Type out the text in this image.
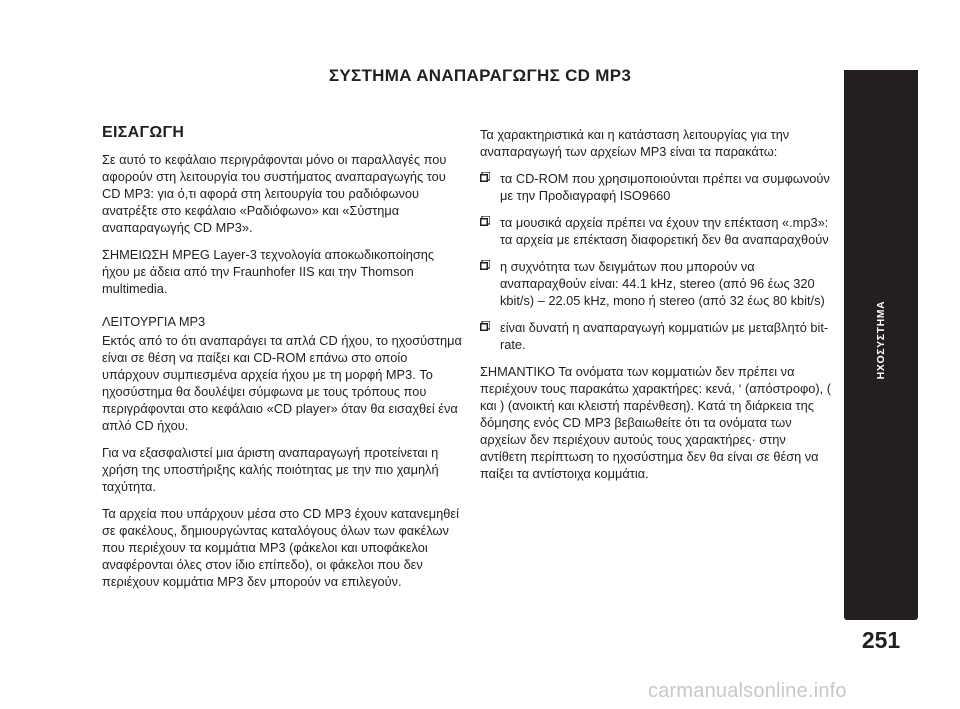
ΣΥΣΤΗΜΑ ΑΝΑΠΑΡΑΓΩΓΗΣ CD MP3
ΕΙΣΑΓΩΓΗ

Σε αυτό το κεφάλαιο περιγράφονται μόνο οι παραλλαγές που αφορούν στη λειτουργία του συστήματος αναπαραγωγής του CD MP3: για ό,τι αφορά στη λειτουργία του ραδιόφωνου ανατρέξτε στο κεφάλαιο «Ραδιόφωνο» και «Σύστημα αναπαραγωγής CD MP3».

ΣΗΜΕΙΩΣΗ MPEG Layer-3 τεχνολογία αποκωδικοποίησης ήχου με άδεια από την Fraunhofer IIS και την Thomson multimedia.

ΛΕΙΤΟΥΡΓΙΑ MP3

Εκτός από το ότι αναπαράγει τα απλά CD ήχου, το ηχοσύστημα είναι σε θέση να παίξει και CD-ROM επάνω στο οποίο υπάρχουν συμπιεσμένα αρχεία ήχου με τη μορφή MP3. Το ηχοσύστημα θα δουλέψει σύμφωνα με τους τρόπους που περιγράφονται στο κεφάλαιο «CD player» όταν θα εισαχθεί ένα απλό CD ήχου.

Για να εξασφαλιστεί μια άριστη αναπαραγωγή προτείνεται η χρήση της υποστήριξης καλής ποιότητας με την πιο χαμηλή ταχύτητα.

Τα αρχεία που υπάρχουν μέσα στο CD MP3 έχουν κατανεμηθεί σε φακέλους, δημιουργώντας καταλόγους όλων των φακέλων που περιέχουν τα κομμάτια MP3 (φάκελοι και υποφάκελοι αναφέρονται όλες στον ίδιο επίπεδο), οι φάκελοι που δεν περιέχουν κομμάτια MP3 δεν μπορούν να επιλεγούν.

Τα χαρακτηριστικά και η κατάσταση λειτουργίας για την αναπαραγωγή των αρχείων MP3 είναι τα παρακάτω:

τα CD-ROM που χρησιμοποιούνται πρέπει να συμφωνούν με την Προδιαγραφή ISO9660
τα μουσικά αρχεία πρέπει να έχουν την επέκταση «.mp3»: τα αρχεία με επέκταση διαφορετική δεν θα αναπαραχθούν
η συχνότητα των δειγμάτων που μπορούν να αναπαραχθούν είναι: 44.1 kHz, stereo (από 96 έως 320 kbit/s) – 22.05 kHz, mono ή stereo (από 32 έως 80 kbit/s)
είναι δυνατή η αναπαραγωγή κομματιών με μεταβλητό bit-rate.

ΣΗΜΑΝΤΙΚΟ Τα ονόματα των κομματιών δεν πρέπει να περιέχουν τους παρακάτω χαρακτήρες: κενά, ‘ (απόστροφο), ( και ) (ανοικτή και κλειστή παρένθεση). Κατά τη διάρκεια της δόμησης ενός CD MP3 βεβαιωθείτε ότι τα ονόματα των αρχείων δεν περιέχουν αυτούς τους χαρακτήρες· στην αντίθετη περίπτωση το ηχοσύστημα δεν θα είναι σε θέση να παίξει τα αντίστοιχα κομμάτια.

ΗΧΟΣΥΣΤΗΜΑ
251
carmanualsonline.info
